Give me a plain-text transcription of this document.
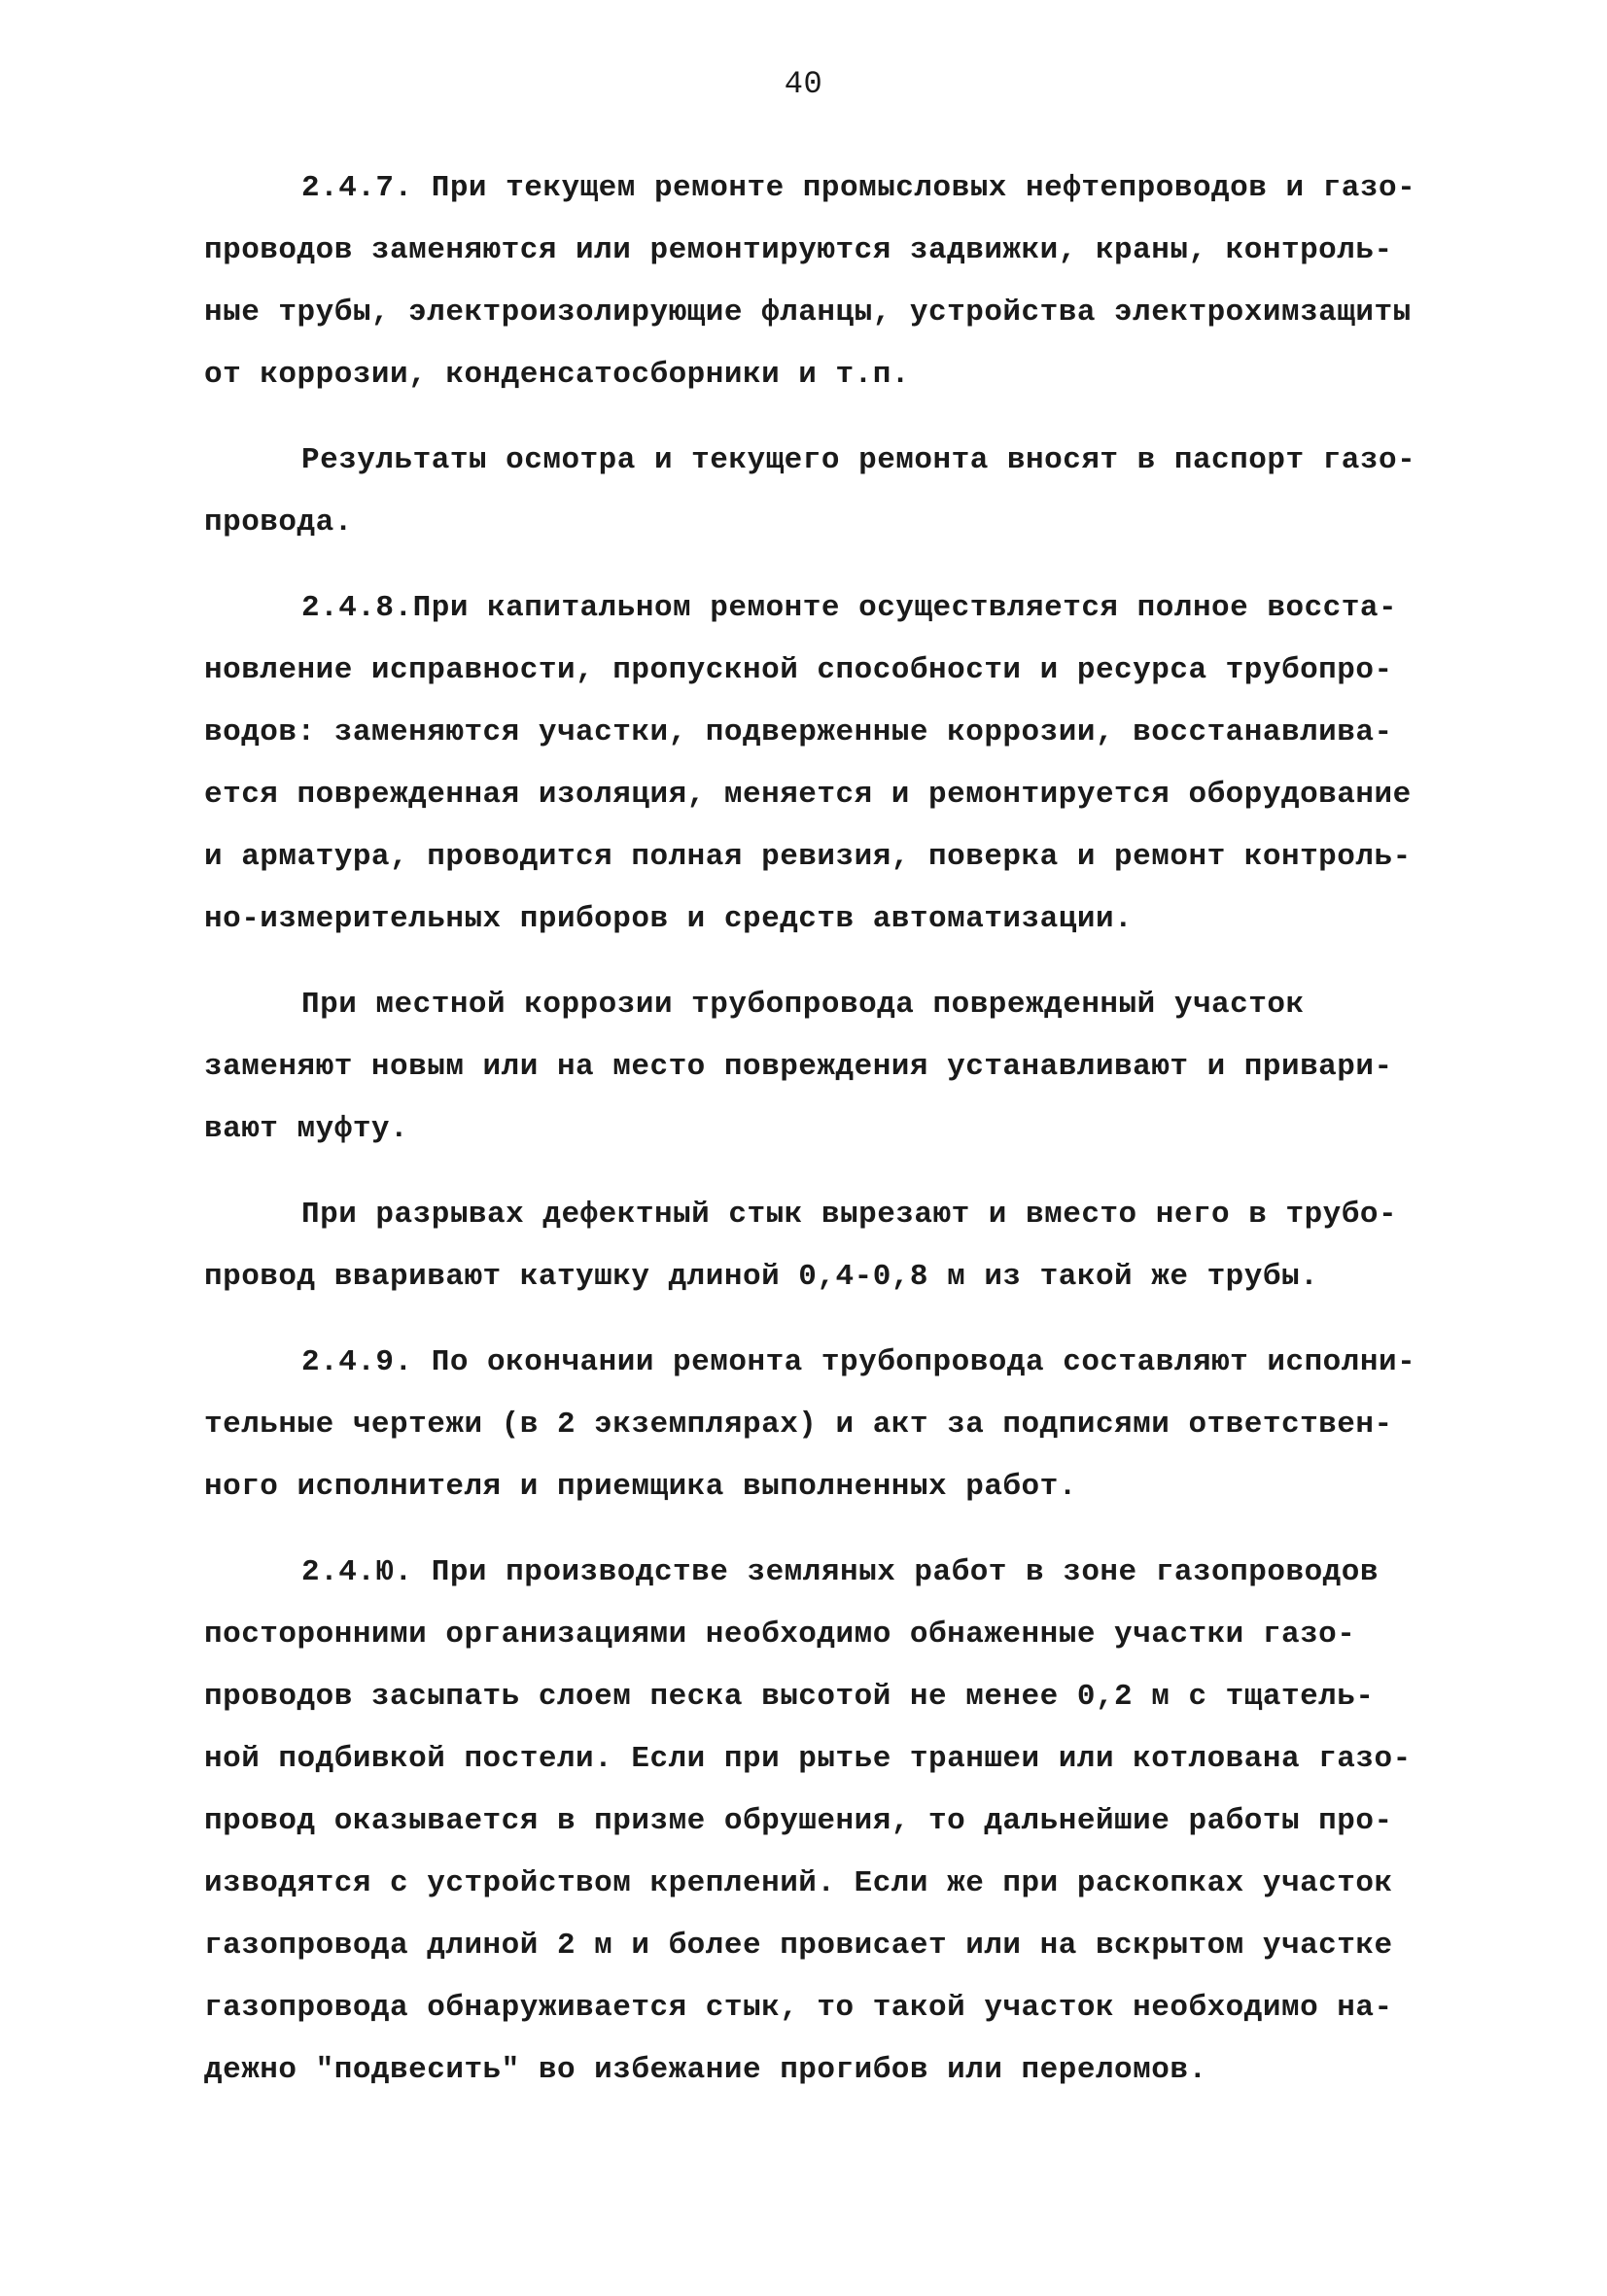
40
2.4.7. При текущем ремонте промысловых нефтепроводов и газо-
проводов заменяются или ремонтируются задвижки, краны, контроль-
ные трубы, электроизолирующие фланцы, устройства электрохимзащиты
от коррозии, конденсатосборники и т.п.
Результаты осмотра и текущего ремонта вносят в паспорт газо-
провода.
2.4.8.При капитальном ремонте осуществляется полное восста-
новление исправности, пропускной способности и ресурса трубопро-
водов: заменяются участки, подверженные коррозии, восстанавлива-
ется поврежденная изоляция, меняется и ремонтируется оборудование
и арматура, проводится полная ревизия, поверка и ремонт контроль-
но-измерительных приборов и средств автоматизации.
При местной коррозии трубопровода поврежденный участок
заменяют новым или на место повреждения устанавливают и привари-
вают муфту.
При разрывах дефектный стык вырезают и вместо него в трубо-
провод вваривают катушку длиной 0,4-0,8 м из такой же трубы.
2.4.9. По окончании ремонта трубопровода составляют исполни-
тельные чертежи (в 2 экземплярах) и акт за подписями ответствен-
ного исполнителя и приемщика выполненных работ.
2.4.Ю. При производстве земляных работ в зоне газопроводов
посторонними организациями необходимо обнаженные участки газо-
проводов засыпать слоем песка высотой не менее 0,2 м с тщатель-
ной подбивкой постели. Если при рытье траншеи или котлована газо-
провод оказывается в призме обрушения, то дальнейшие работы про-
изводятся с устройством креплений. Если же при раскопках участок
газопровода длиной 2 м и более провисает или на вскрытом участке
газопровода обнаруживается стык, то такой участок необходимо на-
дежно "подвесить" во избежание прогибов или переломов.
